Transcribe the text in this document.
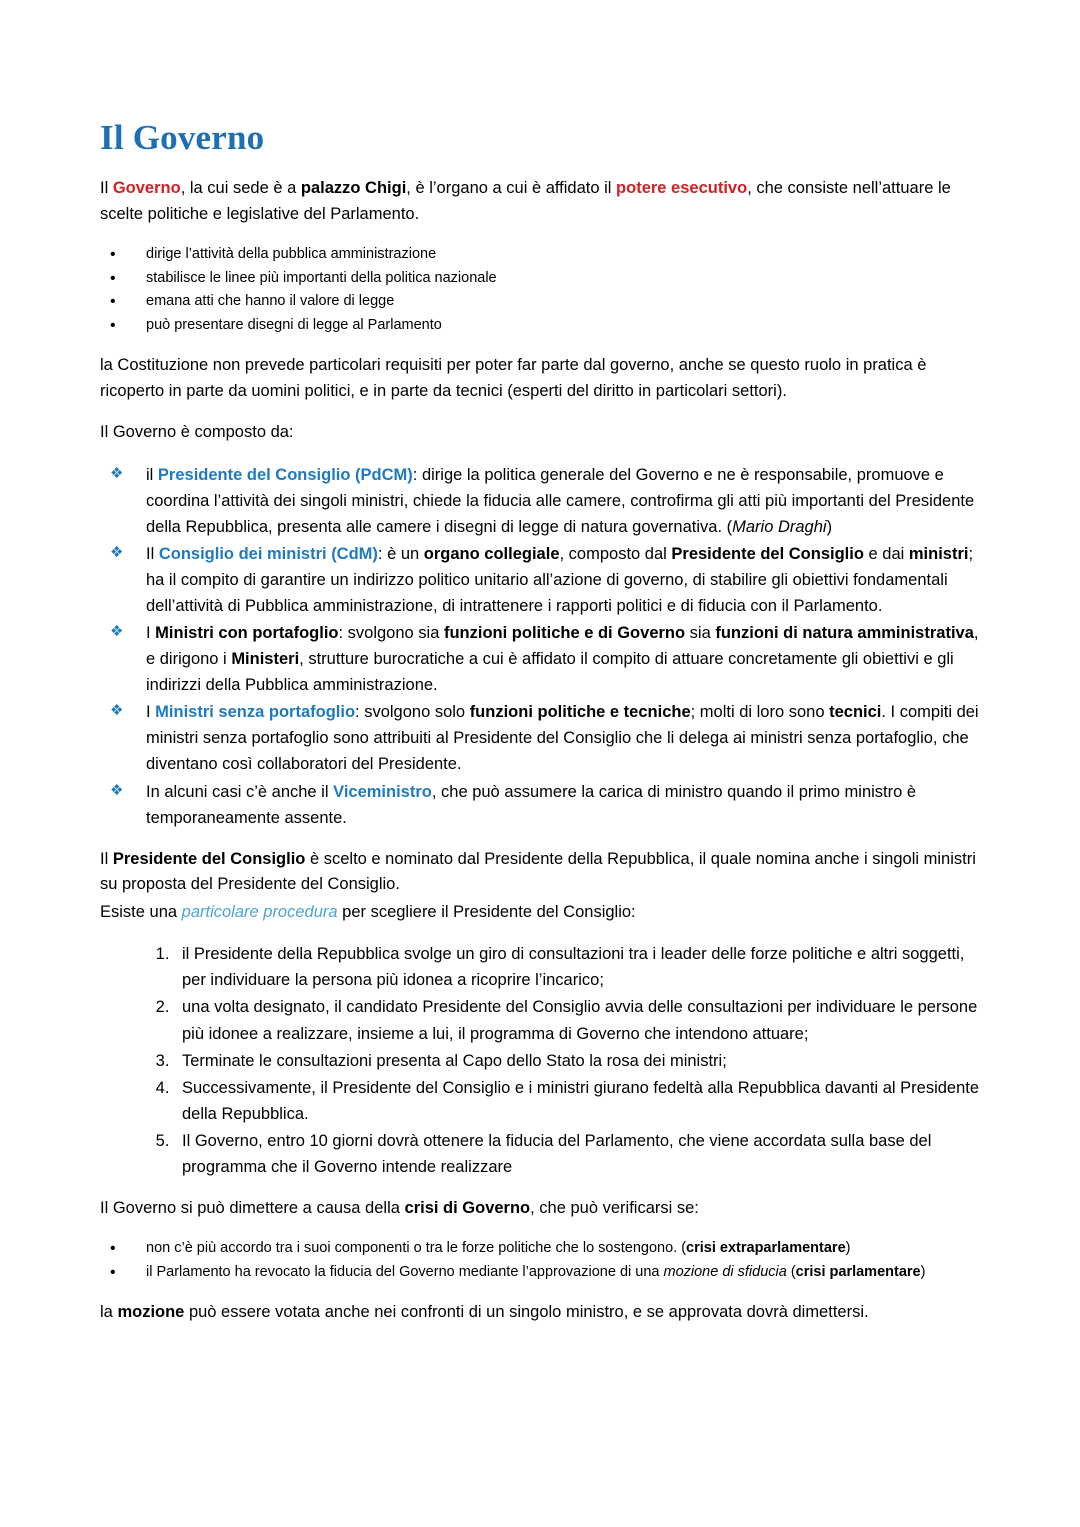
Il Governo

Il Governo, la cui sede è a palazzo Chigi, è l’organo a cui è affidato il potere esecutivo, che consiste nell’attuare le scelte politiche e legislative del Parlamento.

• dirige l’attività della pubblica amministrazione
• stabilisce le linee più importanti della politica nazionale
• emana atti che hanno il valore di legge
• può presentare disegni di legge al Parlamento

la Costituzione non prevede particolari requisiti per poter far parte dal governo, anche se questo ruolo in pratica è ricoperto in parte da uomini politici, e in parte da tecnici (esperti del diritto in particolari settori).

Il Governo è composto da:

❖ il Presidente del Consiglio (PdCM): dirige la politica generale del Governo e ne è responsabile, promuove e coordina l’attività dei singoli ministri, chiede la fiducia alle camere, controfirma gli atti più importanti del Presidente della Repubblica, presenta alle camere i disegni di legge di natura governativa. (Mario Draghi)
❖ Il Consiglio dei ministri (CdM): è un organo collegiale, composto dal Presidente del Consiglio e dai ministri; ha il compito di garantire un indirizzo politico unitario all’azione di governo, di stabilire gli obiettivi fondamentali dell’attività di Pubblica amministrazione, di intrattenere i rapporti politici e di fiducia con il Parlamento.
❖ I Ministri con portafoglio: svolgono sia funzioni politiche e di Governo sia funzioni di natura amministrativa, e dirigono i Ministeri, strutture burocratiche a cui è affidato il compito di attuare concretamente gli obiettivi e gli indirizzi della Pubblica amministrazione.
❖ I Ministri senza portafoglio: svolgono solo funzioni politiche e tecniche; molti di loro sono tecnici. I compiti dei ministri senza portafoglio sono attribuiti al Presidente del Consiglio che li delega ai ministri senza portafoglio, che diventano così collaboratori del Presidente.
❖ In alcuni casi c’è anche il Viceministro, che può assumere la carica di ministro quando il primo ministro è temporaneamente assente.

Il Presidente del Consiglio è scelto e nominato dal Presidente della Repubblica, il quale nomina anche i singoli ministri su proposta del Presidente del Consiglio.

Esiste una particolare procedura per scegliere il Presidente del Consiglio:

1. il Presidente della Repubblica svolge un giro di consultazioni tra i leader delle forze politiche e altri soggetti, per individuare la persona più idonea a ricoprire l’incarico;
2. una volta designato, il candidato Presidente del Consiglio avvia delle consultazioni per individuare le persone più idonee a realizzare, insieme a lui, il programma di Governo che intendono attuare;
3. Terminate le consultazioni presenta al Capo dello Stato la rosa dei ministri;
4. Successivamente, il Presidente del Consiglio e i ministri giurano fedeltà alla Repubblica davanti al Presidente della Repubblica.
5. Il Governo, entro 10 giorni dovrà ottenere la fiducia del Parlamento, che viene accordata sulla base del programma che il Governo intende realizzare

Il Governo si può dimettere a causa della crisi di Governo, che può verificarsi se:

• non c’è più accordo tra i suoi componenti o tra le forze politiche che lo sostengono. (crisi extraparlamentare)
• il Parlamento ha revocato la fiducia del Governo mediante l’approvazione di una mozione di sfiducia (crisi parlamentare)

la mozione può essere votata anche nei confronti di un singolo ministro, e se approvata dovrà dimettersi.
